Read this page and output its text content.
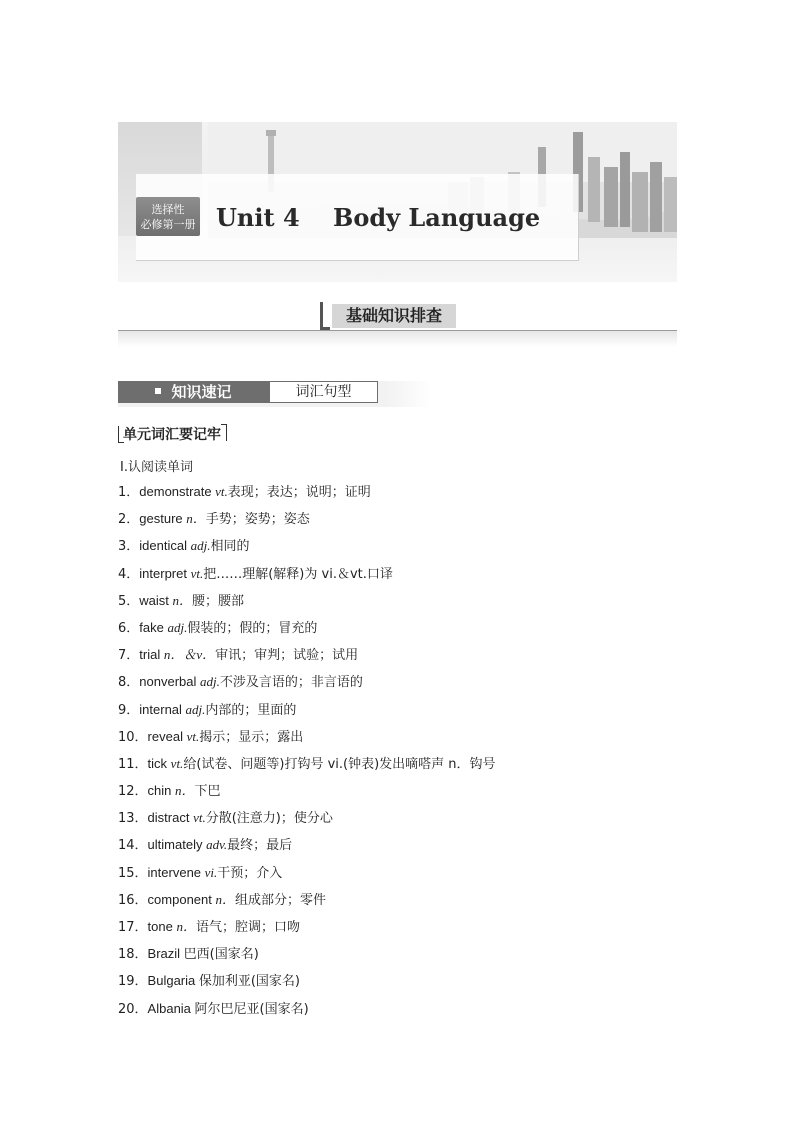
选择性
必修第一册 Unit 4    Body Language
基础知识排查
知识速记	词汇句型
单元词汇要记牢
Ⅰ.认阅读单词
1．demonstrate vt.表现；表达；说明；证明
2．gesture n．手势；姿势；姿态
3．identical adj.相同的
4．interpret vt.把……理解(解释)为 vi.＆vt.口译
5．waist n．腰；腰部
6．fake adj.假装的；假的；冒充的
7．trial n．＆v．审讯；审判；试验；试用
8．nonverbal adj.不涉及言语的；非言语的
9．internal adj.内部的；里面的
10．reveal vt.揭示；显示；露出
11．tick vt.给(试卷、问题等)打钩号 vi.(钟表)发出嘀嗒声 n．钩号
12．chin n．下巴
13．distract vt.分散(注意力)；使分心
14．ultimately adv.最终；最后
15．intervene vi.干预；介入
16．component n．组成部分；零件
17．tone n．语气；腔调；口吻
18．Brazil 巴西(国家名)
19．Bulgaria 保加利亚(国家名)
20．Albania 阿尔巴尼亚(国家名)
